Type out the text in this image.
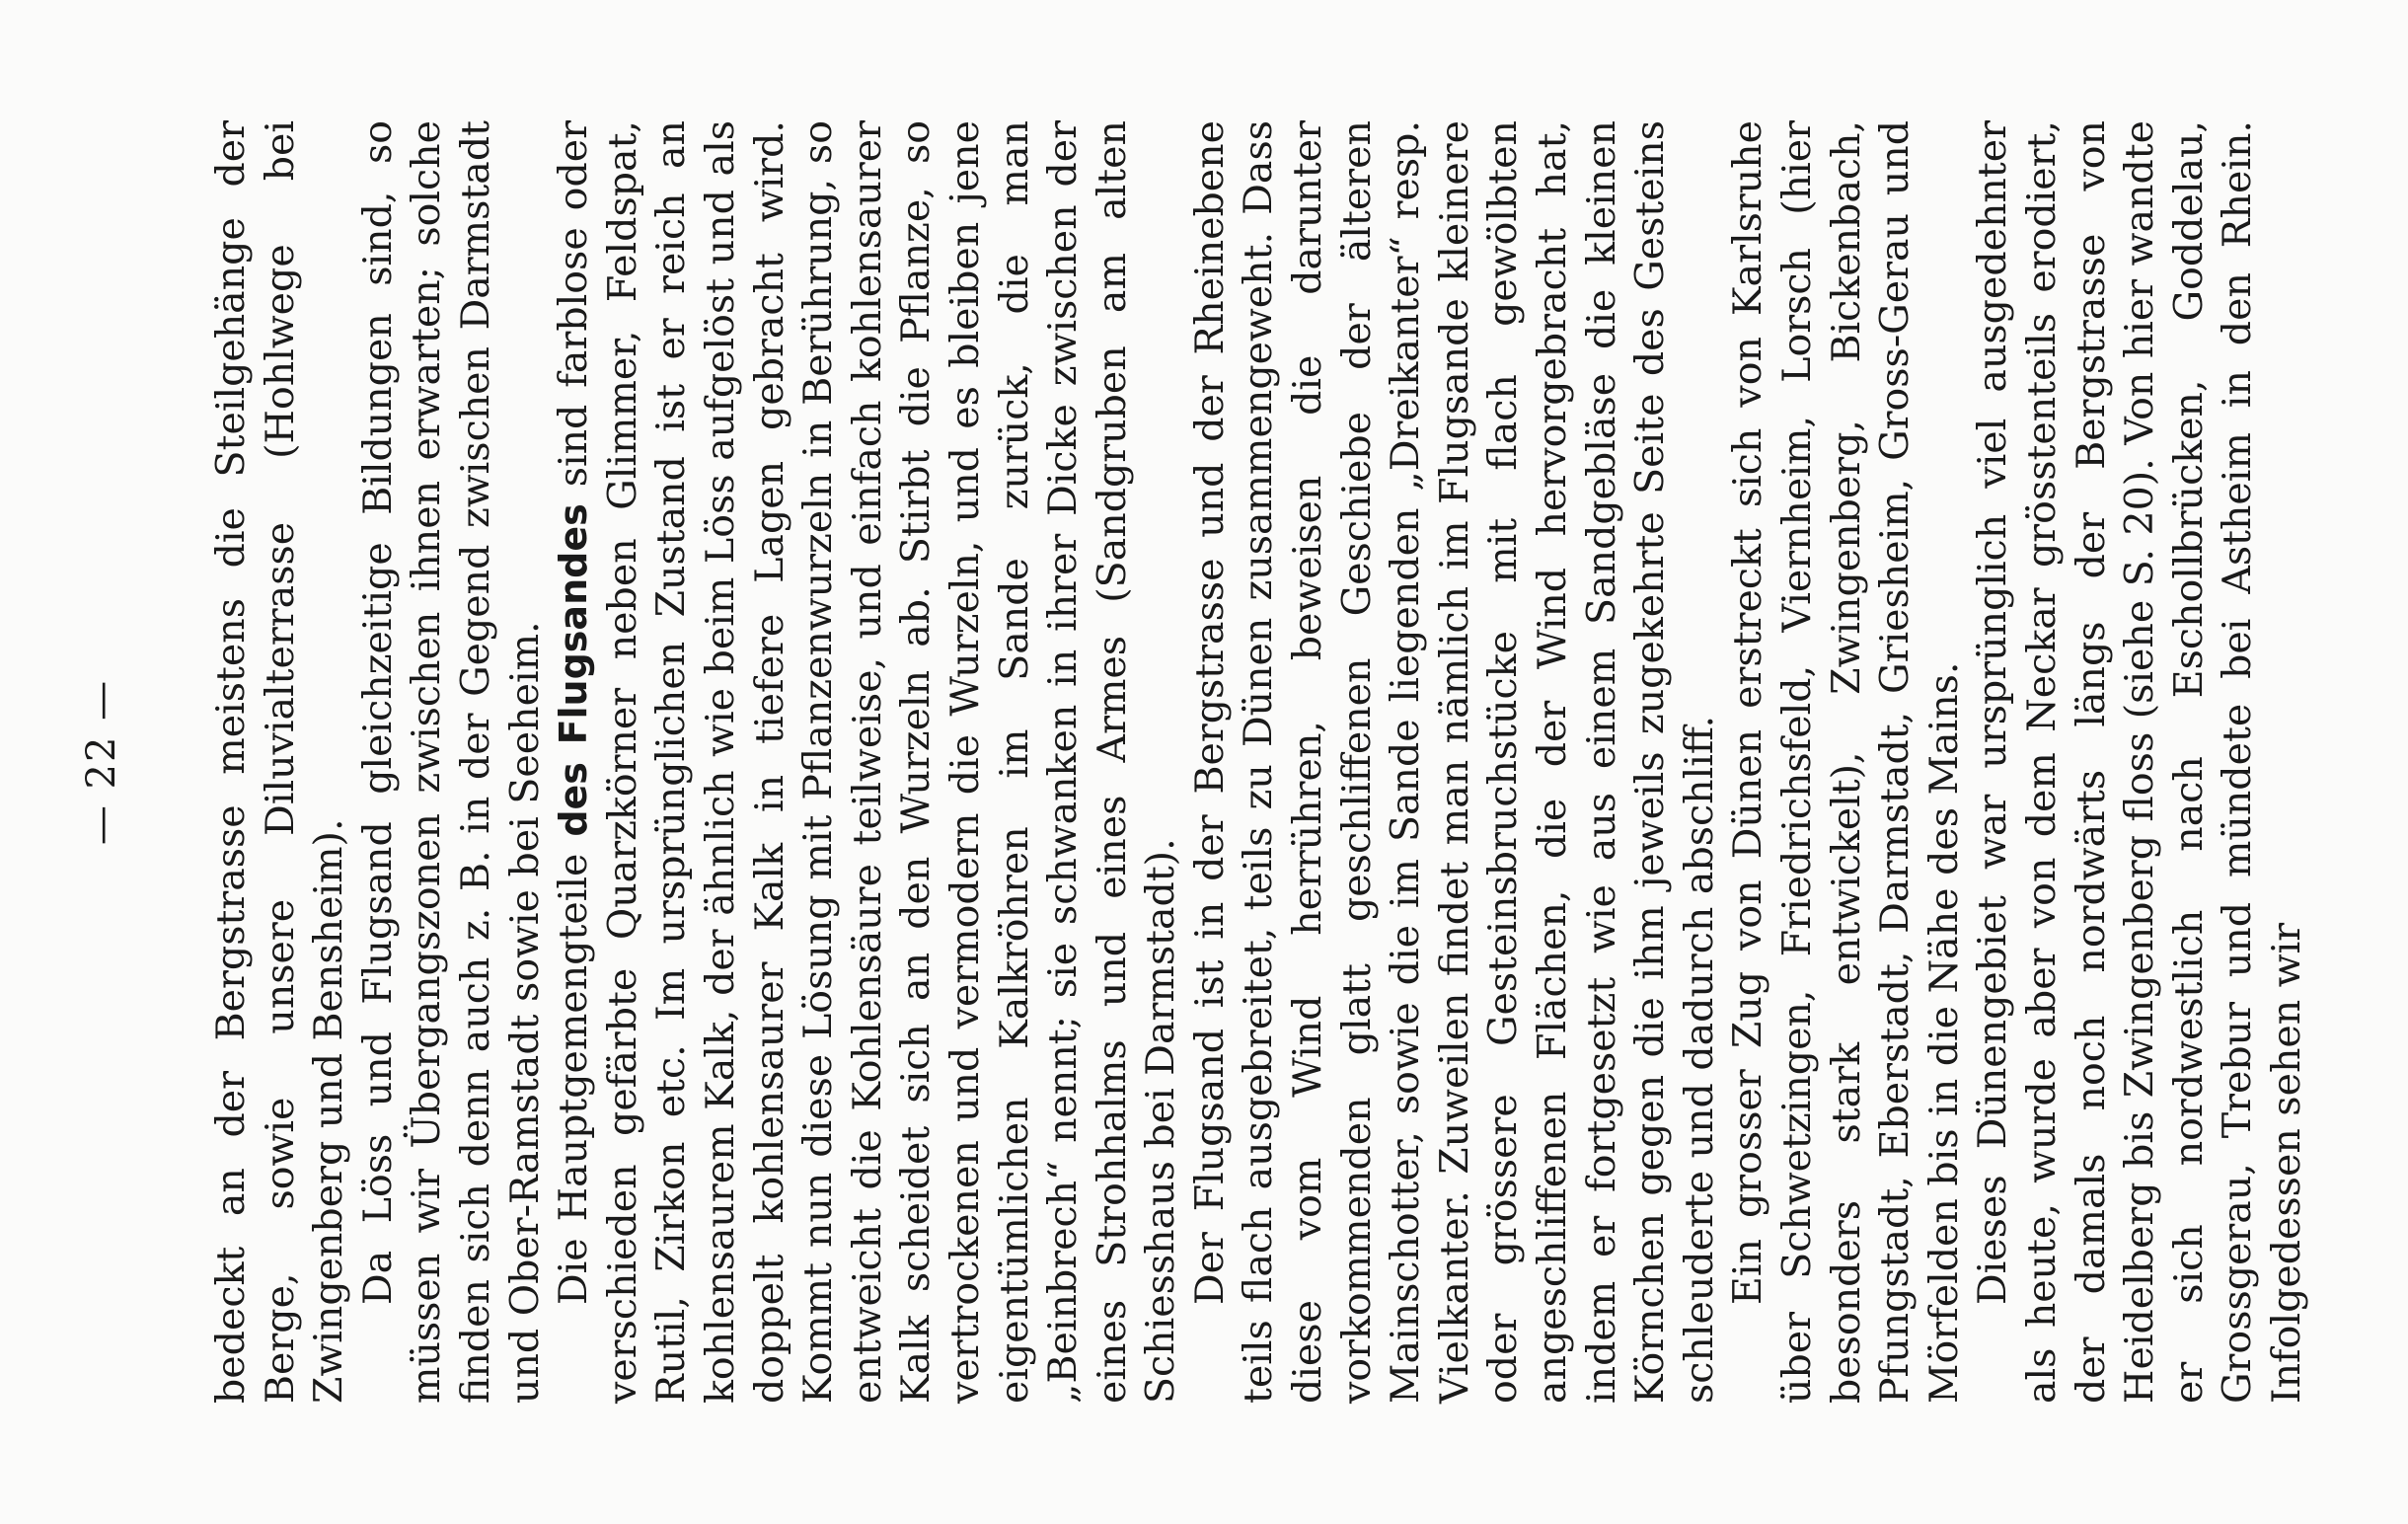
— 22 — bedeckt an der Bergstrasse meistens die Steilgehänge der Berge, sowie unsere Diluvialterrasse (Hohlwege bei Zwingenberg und Bensheim). Da Löss und Flugsand gleichzeitige Bildungen sind, so müssen wir Übergangszonen zwischen ihnen erwarten; solche finden sich denn auch z. B. in der Gegend zwischen Darmstadt und Ober-Ramstadt sowie bei Seeheim. Die Hauptgemengteile des Flugsandes sind farblose oder verschieden gefärbte Quarzkörner neben Glimmer, Feldspat, Rutil, Zirkon etc. Im ursprünglichen Zustand ist er reich an kohlensaurem Kalk, der ähnlich wie beim Löss aufgelöst und als doppelt kohlensaurer Kalk in tiefere Lagen gebracht wird. Kommt nun diese Lösung mit Pflanzenwurzeln in Berührung, so entweicht die Kohlensäure teilweise, und einfach kohlensaurer Kalk scheidet sich an den Wurzeln ab. Stirbt die Pflanze, so vertrockenen und vermodern die Wurzeln, und es bleiben jene eigentümlichen Kalkröhren im Sande zurück, die man „Beinbrech“ nennt; sie schwanken in ihrer Dicke zwischen der eines Strohhalms und eines Armes (Sandgruben am alten Schiesshaus bei Darmstadt). Der Flugsand ist in der Bergstrasse und der Rheinebene teils flach ausgebreitet, teils zu Dünen zusammengeweht. Dass diese vom Wind herrühren, beweisen die darunter vorkommenden glatt geschliffenen Geschiebe der älteren Mainschotter, sowie die im Sande liegenden „Dreikanter“ resp. Vielkanter. Zuweilen findet man nämlich im Flugsande kleinere oder grössere Gesteinsbruchstücke mit flach gewölbten angeschliffenen Flächen, die der Wind hervorgebracht hat, indem er fortgesetzt wie aus einem Sandgebläse die kleinen Körnchen gegen die ihm jeweils zugekehrte Seite des Gesteins schleuderte und dadurch abschliff. Ein grosser Zug von Dünen erstreckt sich von Karlsruhe über Schwetzingen, Friedrichsfeld, Viernheim, Lorsch (hier besonders stark entwickelt), Zwingenberg, Bickenbach, Pfungstadt, Eberstadt, Darmstadt, Griesheim, Gross-Gerau und Mörfelden bis in die Nähe des Mains. Dieses Dünengebiet war ursprünglich viel ausgedehnter als heute, wurde aber von dem Neckar grösstenteils erodiert, der damals noch nordwärts längs der Bergstrasse von Heidelberg bis Zwingenberg floss (siehe S. 20). Von hier wandte er sich nordwestlich nach Eschollbrücken, Goddelau, Grossgerau, Trebur und mündete bei Astheim in den Rhein. Infolgedessen sehen wir
